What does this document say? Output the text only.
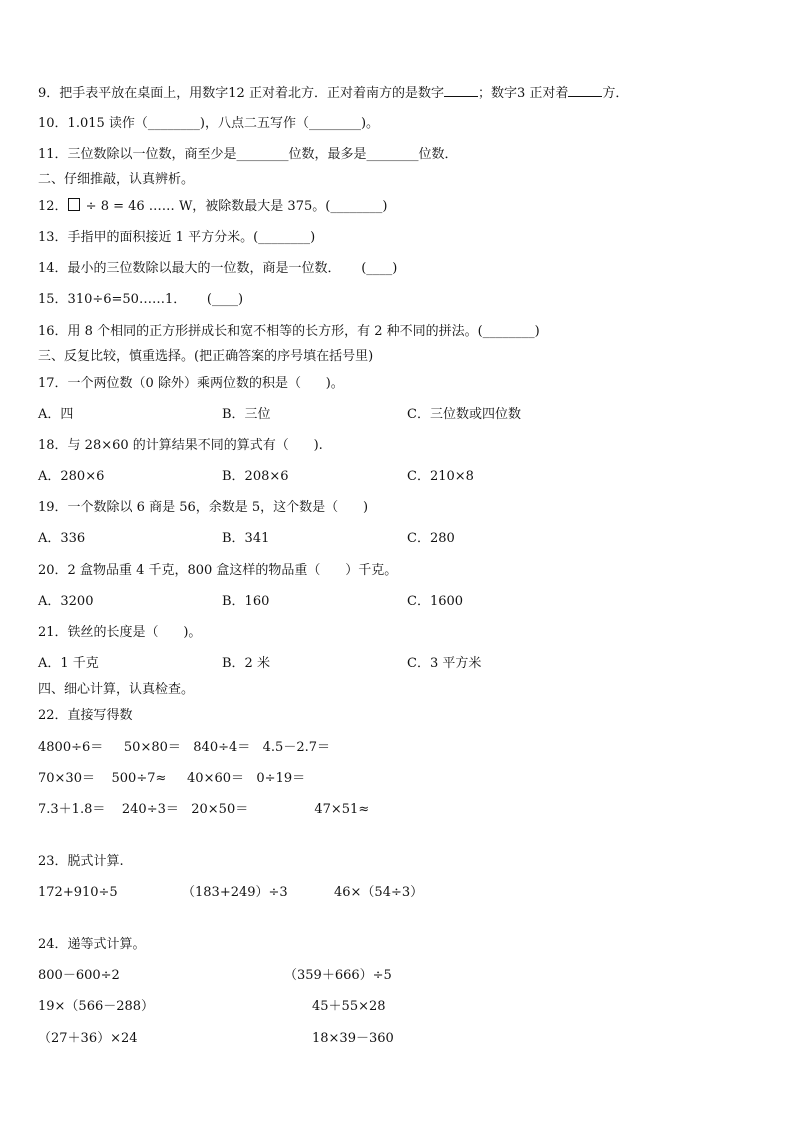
9．把手表平放在桌面上，用数字12 正对着北方．正对着南方的是数字	；数字3 正对着	方．
10．1.015 读作（________)，八点二五写作（________)。
11．三位数除以一位数，商至少是________位数，最多是________位数．
二、仔细推敲，认真辨析。
12． ÷ 8 = 46 …… W，被除数最大是 375。(________)
13．手指甲的面积接近 1 平方分米。(________)
14．最小的三位数除以最大的一位数，商是一位数．     (____)
15．310÷6=50……1．     (____)
16．用 8 个相同的正方形拼成长和宽不相等的长方形，有 2 种不同的拼法。(________)
三、反复比较，慎重选择。(把正确答案的序号填在括号里)
17．一个两位数（0 除外）乘两位数的积是（      )。
A．四	B．三位	C．三位数或四位数
18．与 28×60 的计算结果不同的算式有（      ).
A．280×6	B．208×6	C．210×8
19．一个数除以 6 商是 56，余数是 5，这个数是（      )
A．336	B．341	C．280
20．2 盒物品重 4 千克，800 盒这样的物品重（      ）千克。
A．3200	B．160	C．1600
21．铁丝的长度是（      )。
A．1 千克	B．2 米	C．3 平方米
四、细心计算，认真检查。
22．直接写得数
4800÷6＝     50×80＝   840÷4＝   4.5－2.7＝
70×30＝    500÷7≈     40×60＝   0÷19＝
7.3＋1.8＝    240÷3＝   20×50＝                47×51≈
23．脱式计算.
172+910÷5	（183+249）÷3	46×（54÷3）
24．递等式计算。
800－600÷2	（359＋666）÷5
19×（566－288）	45＋55×28
（27＋36）×24	18×39－360
